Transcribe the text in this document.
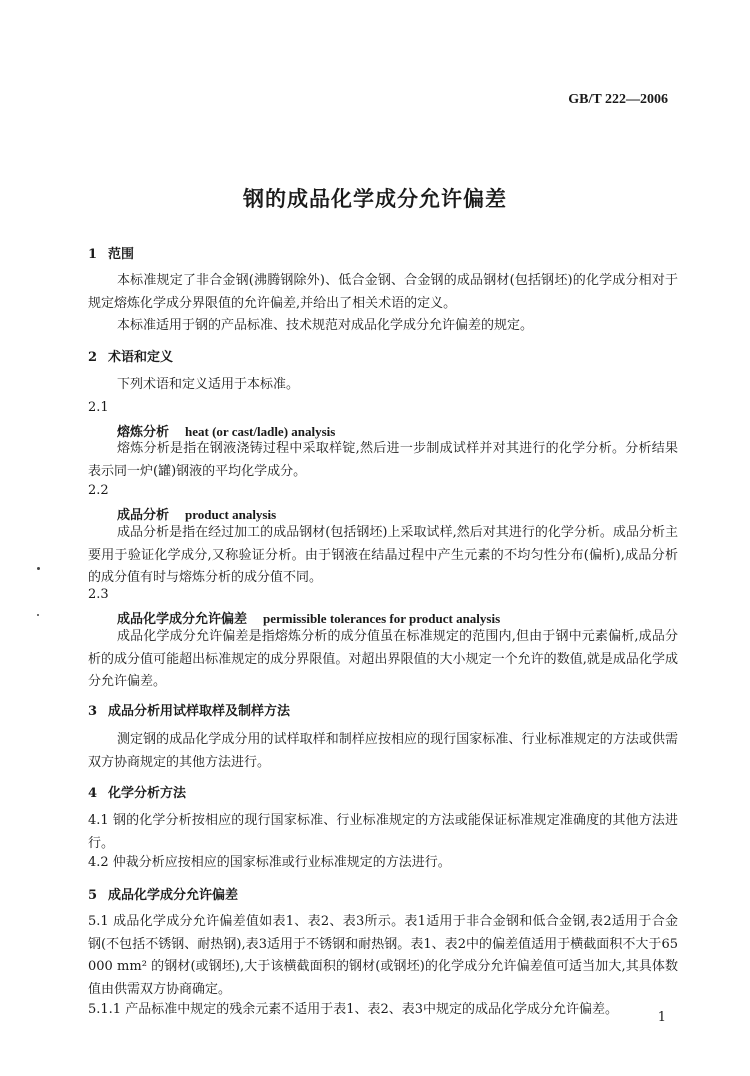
GB/T 222—2006
钢的成品化学成分允许偏差
1 范围

本标准规定了非合金钢(沸腾钢除外)、低合金钢、合金钢的成品钢材(包括钢坯)的化学成分相对于规定熔炼化学成分界限值的允许偏差,并给出了相关术语的定义。

本标准适用于钢的产品标准、技术规范对成品化学成分允许偏差的规定。

2 术语和定义

下列术语和定义适用于本标准。

2.1
熔炼分析 heat (or cast/ladle) analysis

熔炼分析是指在钢液浇铸过程中采取样锭,然后进一步制成试样并对其进行的化学分析。分析结果表示同一炉(罐)钢液的平均化学成分。

2.2
成品分析 product analysis

成品分析是指在经过加工的成品钢材(包括钢坯)上采取试样,然后对其进行的化学分析。成品分析主要用于验证化学成分,又称验证分析。由于钢液在结晶过程中产生元素的不均匀性分布(偏析),成品分析的成分值有时与熔炼分析的成分值不同。

2.3
成品化学成分允许偏差 permissible tolerances for product analysis

成品化学成分允许偏差是指熔炼分析的成分值虽在标准规定的范围内,但由于钢中元素偏析,成品分析的成分值可能超出标准规定的成分界限值。对超出界限值的大小规定一个允许的数值,就是成品化学成分允许偏差。

3 成品分析用试样取样及制样方法

测定钢的成品化学成分用的试样取样和制样应按相应的现行国家标准、行业标准规定的方法或供需双方协商规定的其他方法进行。

4 化学分析方法

4.1 钢的化学分析按相应的现行国家标准、行业标准规定的方法或能保证标准规定准确度的其他方法进行。

4.2 仲裁分析应按相应的国家标准或行业标准规定的方法进行。

5 成品化学成分允许偏差

5.1 成品化学成分允许偏差值如表1、表2、表3所示。表1适用于非合金钢和低合金钢,表2适用于合金钢(不包括不锈钢、耐热钢),表3适用于不锈钢和耐热钢。表1、表2中的偏差值适用于横截面积不大于65 000 mm² 的钢材(或钢坯),大于该横截面积的钢材(或钢坯)的化学成分允许偏差值可适当加大,其具体数值由供需双方协商确定。

5.1.1 产品标准中规定的残余元素不适用于表1、表2、表3中规定的成品化学成分允许偏差。

1
